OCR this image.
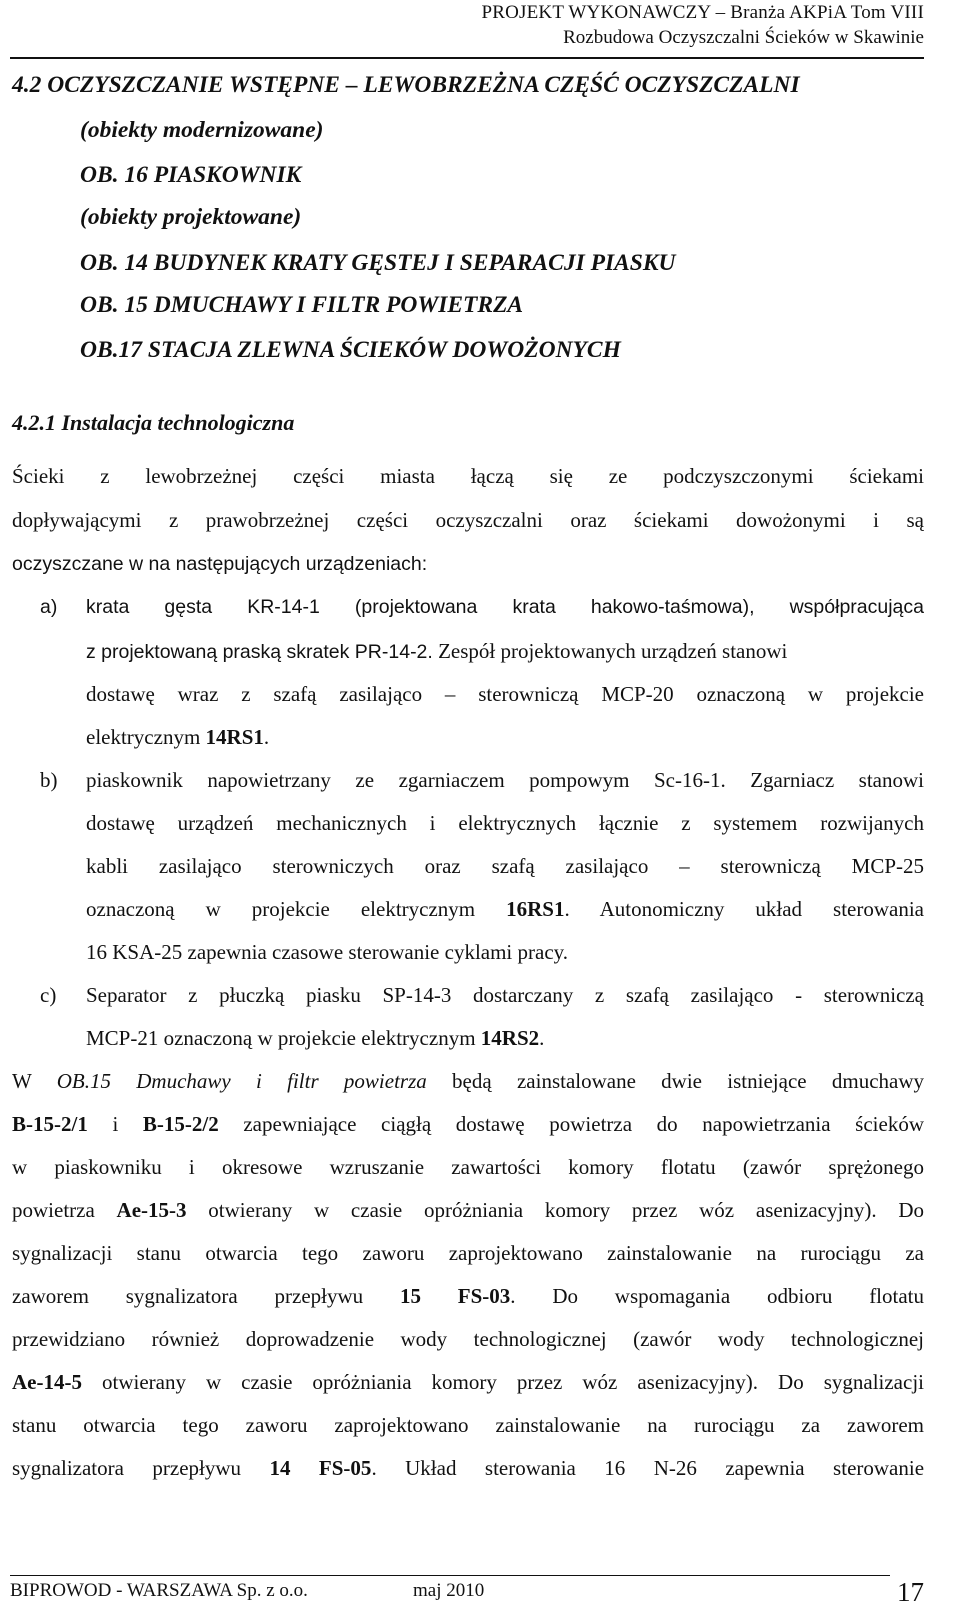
PROJEKT WYKONAWCZY – Branża AKPiA Tom VIII
Rozbudowa Oczyszczalni Ścieków w Skawinie
4.2 OCZYSZCZANIE WSTĘPNE – LEWOBRZEŻNA CZĘŚĆ OCZYSZCZALNI
(obiekty modernizowane)
OB. 16 PIASKOWNIK
(obiekty projektowane)
OB. 14 BUDYNEK KRATY GĘSTEJ I SEPARACJI PIASKU
OB. 15 DMUCHAWY I FILTR POWIETRZA
OB.17 STACJA ZLEWNA ŚCIEKÓW DOWOŻONYCH
4.2.1 Instalacja technologiczna
Ścieki z lewobrzeżnej części miasta łączą się ze podczyszczonymi ściekami
dopływającymi z prawobrzeżnej części oczyszczalni oraz ściekami dowożonymi i są
oczyszczane w na następujących urządzeniach:
a) krata gęsta KR-14-1 (projektowana krata hakowo-taśmowa), współpracująca
z projektowaną praską skratek PR-14-2. Zespół projektowanych urządzeń stanowi
dostawę wraz z szafą zasilająco – sterowniczą MCP-20 oznaczoną w projekcie
elektrycznym 14RS1.
b) piaskownik napowietrzany ze zgarniaczem pompowym Sc-16-1. Zgarniacz stanowi
dostawę urządzeń mechanicznych i elektrycznych łącznie z systemem rozwijanych
kabli zasilająco sterowniczych oraz szafą zasilająco – sterowniczą MCP-25
oznaczoną w projekcie elektrycznym 16RS1. Autonomiczny układ sterowania
16 KSA-25 zapewnia czasowe sterowanie cyklami pracy.
c) Separator z płuczką piasku SP-14-3 dostarczany z szafą zasilająco - sterowniczą
MCP-21 oznaczoną w projekcie elektrycznym 14RS2.
W OB.15 Dmuchawy i filtr powietrza będą zainstalowane dwie istniejące dmuchawy
B-15-2/1 i B-15-2/2 zapewniające ciągłą dostawę powietrza do napowietrzania ścieków
w piaskowniku i okresowe wzruszanie zawartości komory flotatu (zawór sprężonego
powietrza Ae-15-3 otwierany w czasie opróżniania komory przez wóz asenizacyjny). Do
sygnalizacji stanu otwarcia tego zaworu zaprojektowano zainstalowanie na rurociągu za
zaworem sygnalizatora przepływu 15 FS-03. Do wspomagania odbioru flotatu
przewidziano również doprowadzenie wody technologicznej (zawór wody technologicznej
Ae-14-5 otwierany w czasie opróżniania komory przez wóz asenizacyjny). Do sygnalizacji
stanu otwarcia tego zaworu zaprojektowano zainstalowanie na rurociągu za zaworem
sygnalizatora przepływu 14 FS-05. Układ sterowania 16 N-26 zapewnia sterowanie
BIPROWOD - WARSZAWA Sp. z o.o.	maj 2010	17
